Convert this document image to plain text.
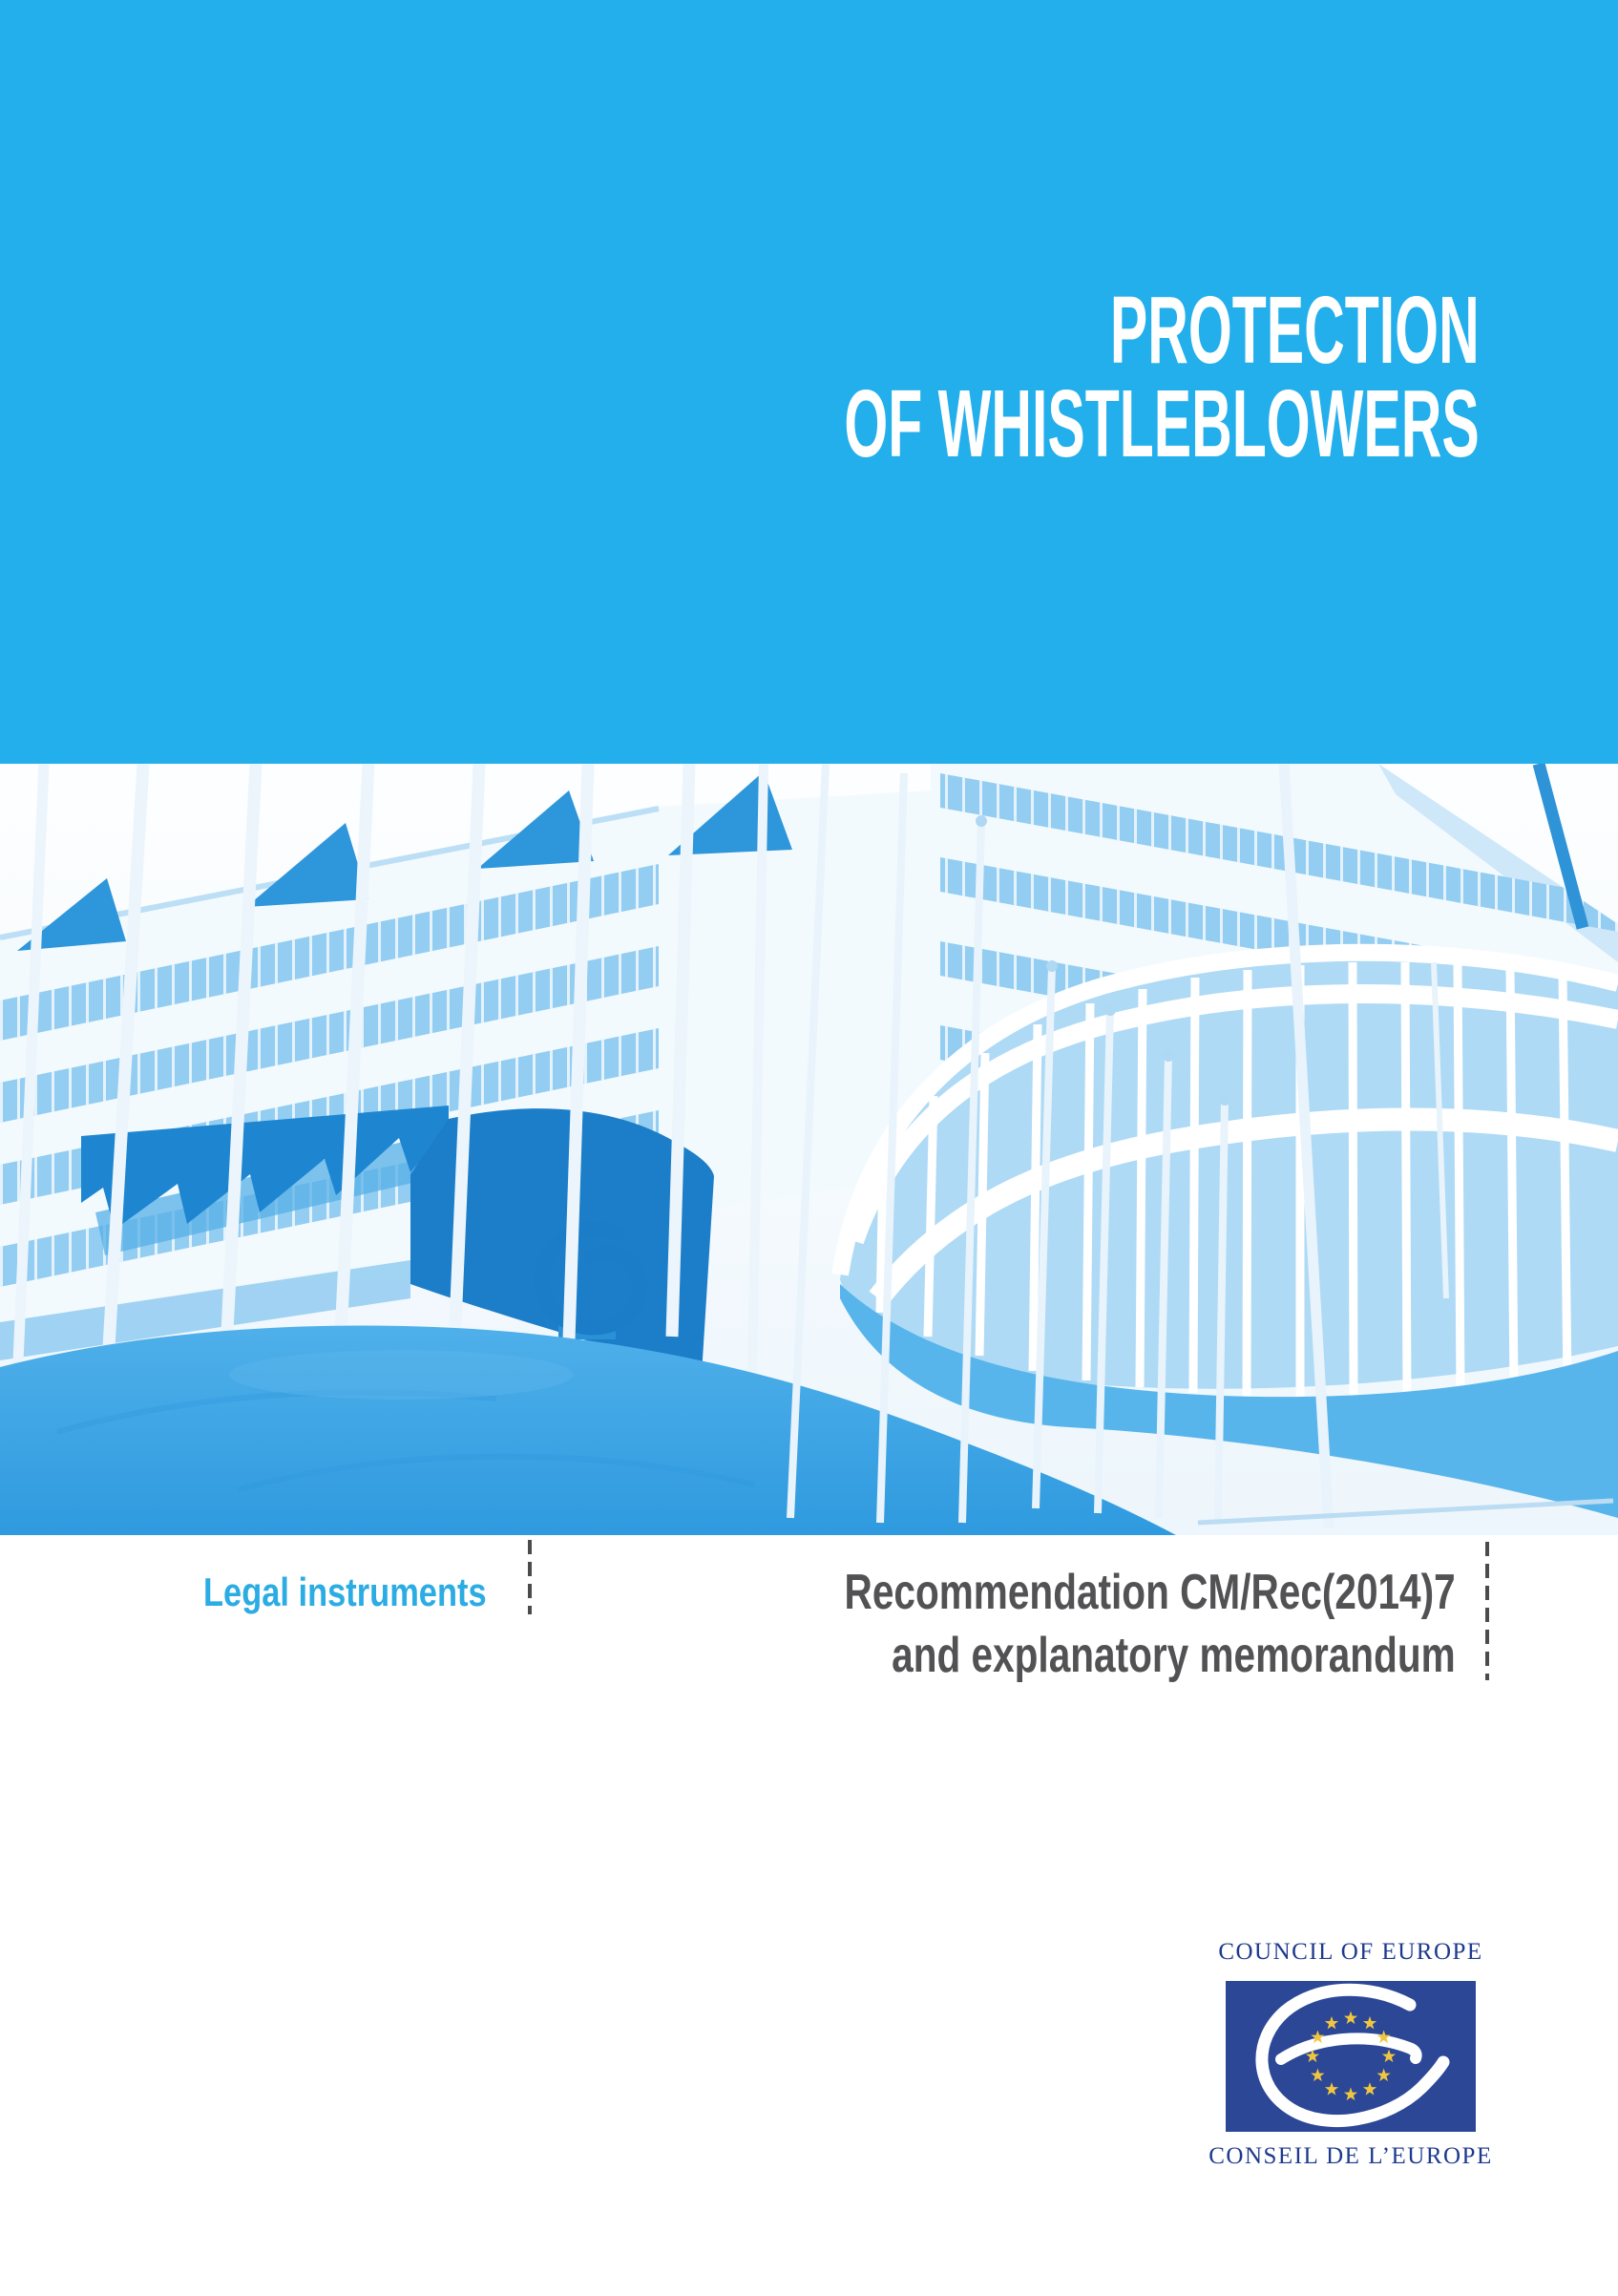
PROTECTION
OF WHISTLEBLOWERS
Legal instruments	Recommendation CM/Rec(2014)7
and explanatory memorandum
COUNCIL OF EUROPE
CONSEIL DE L’EUROPE
